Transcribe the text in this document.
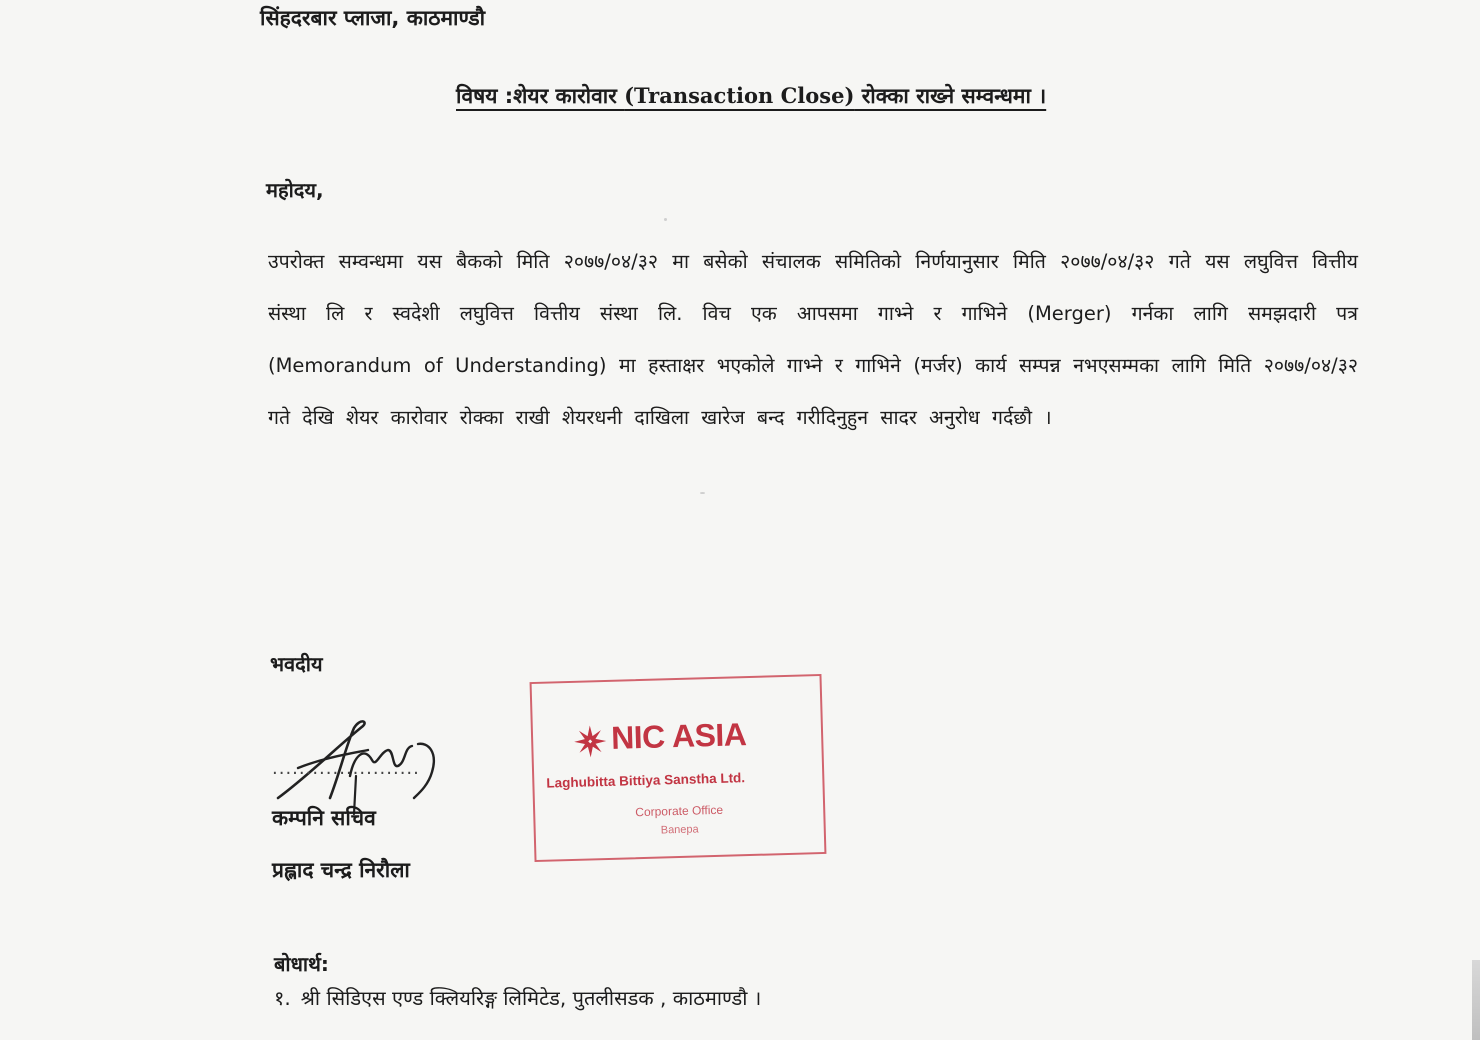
सिंहदरबार प्लाजा, काठमाण्डौ
विषय :शेयर कारोवार (Transaction Close) रोक्का राख्ने सम्वन्धमा ।
महोदय,
उपरोक्त सम्वन्धमा यस बैकको मिति २०७७/०४/३२ मा बसेको संचालक समितिको निर्णयानुसार मिति २०७७/०४/३२ गते यस लघुवित्त वित्तीय संस्था लि र स्वदेशी लघुवित्त वित्तीय संस्था लि. विच एक आपसमा गाभ्ने र गाभिने (Merger) गर्नका लागि समझदारी पत्र (Memorandum of Understanding) मा हस्ताक्षर भएकोले गाभ्ने र गाभिने (मर्जर) कार्य सम्पन्न नभएसम्मका लागि मिति २०७७/०४/३२ गते देखि शेयर कारोवार रोक्का राखी शेयरधनी दाखिला खारेज बन्द गरीदिनुहुन सादर अनुरोध गर्दछौ ।
भवदीय
......................
कम्पनि सचिव
प्रह्लाद चन्द्र निरौला
NIC ASIA
Laghubitta Bittiya Sanstha Ltd.
Corporate Office
Banepa
बोधार्थ:
१. श्री सिडिएस एण्ड क्लियरिङ्ग लिमिटेड, पुतलीसडक , काठमाण्डौ ।
